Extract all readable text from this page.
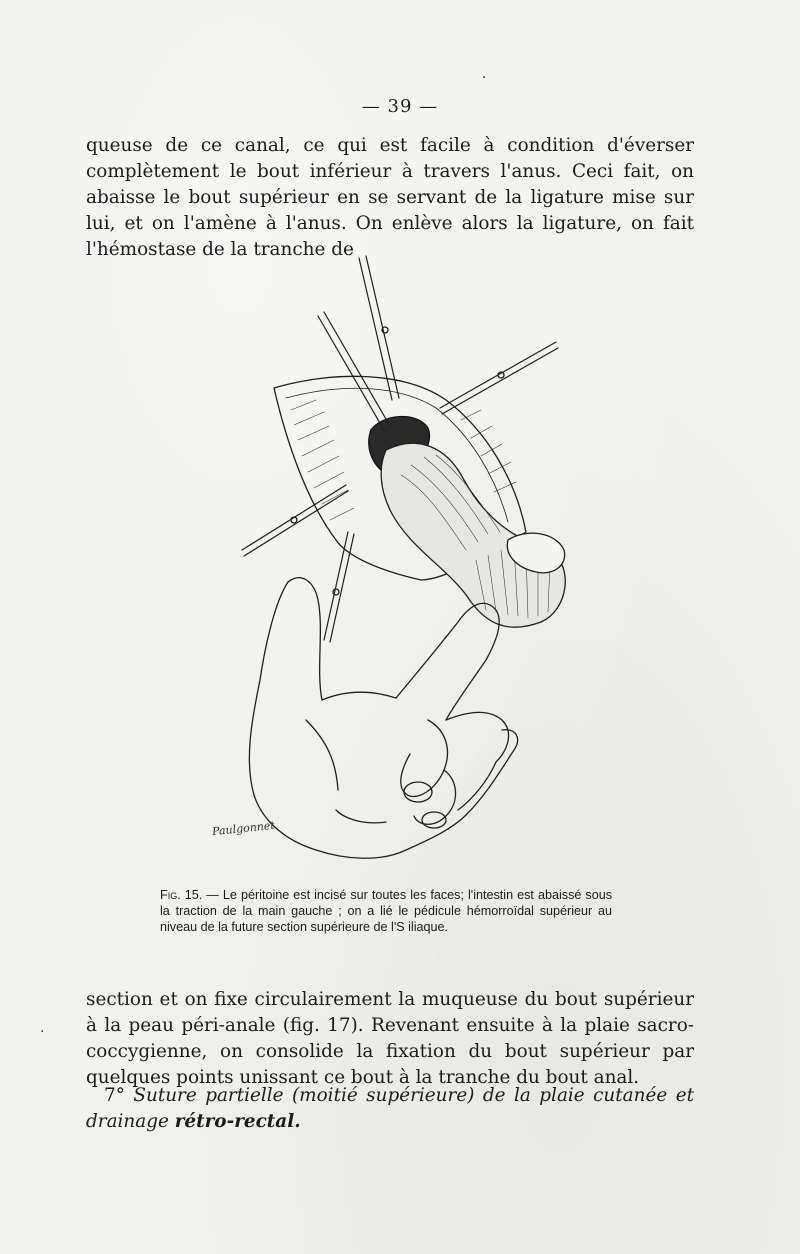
— 39 —

queuse de ce canal, ce qui est facile à condition d'éverser complètement le bout inférieur à travers l'anus. Ceci fait, on abaisse le bout supérieur en se servant de la ligature mise sur lui, et on l'amène à l'anus. On enlève alors la ligature, on fait l'hémostase de la tranche de

Paulgonnet

Fig. 15. — Le péritoine est incisé sur toutes les faces; l'intestin est abaissé sous la traction de la main gauche ; on a lié le pédicule hémorroïdal supérieur au niveau de la future section supérieure de l'S iliaque.

section et on fixe circulairement la muqueuse du bout supérieur à la peau péri-anale (fig. 17). Revenant ensuite à la plaie sacro-coccygienne, on consolide la fixation du bout supérieur par quelques points unissant ce bout à la tranche du bout anal.

7° Suture partielle (moitié supérieure) de la plaie cutanée et drainage rétro-rectal.

·
·
